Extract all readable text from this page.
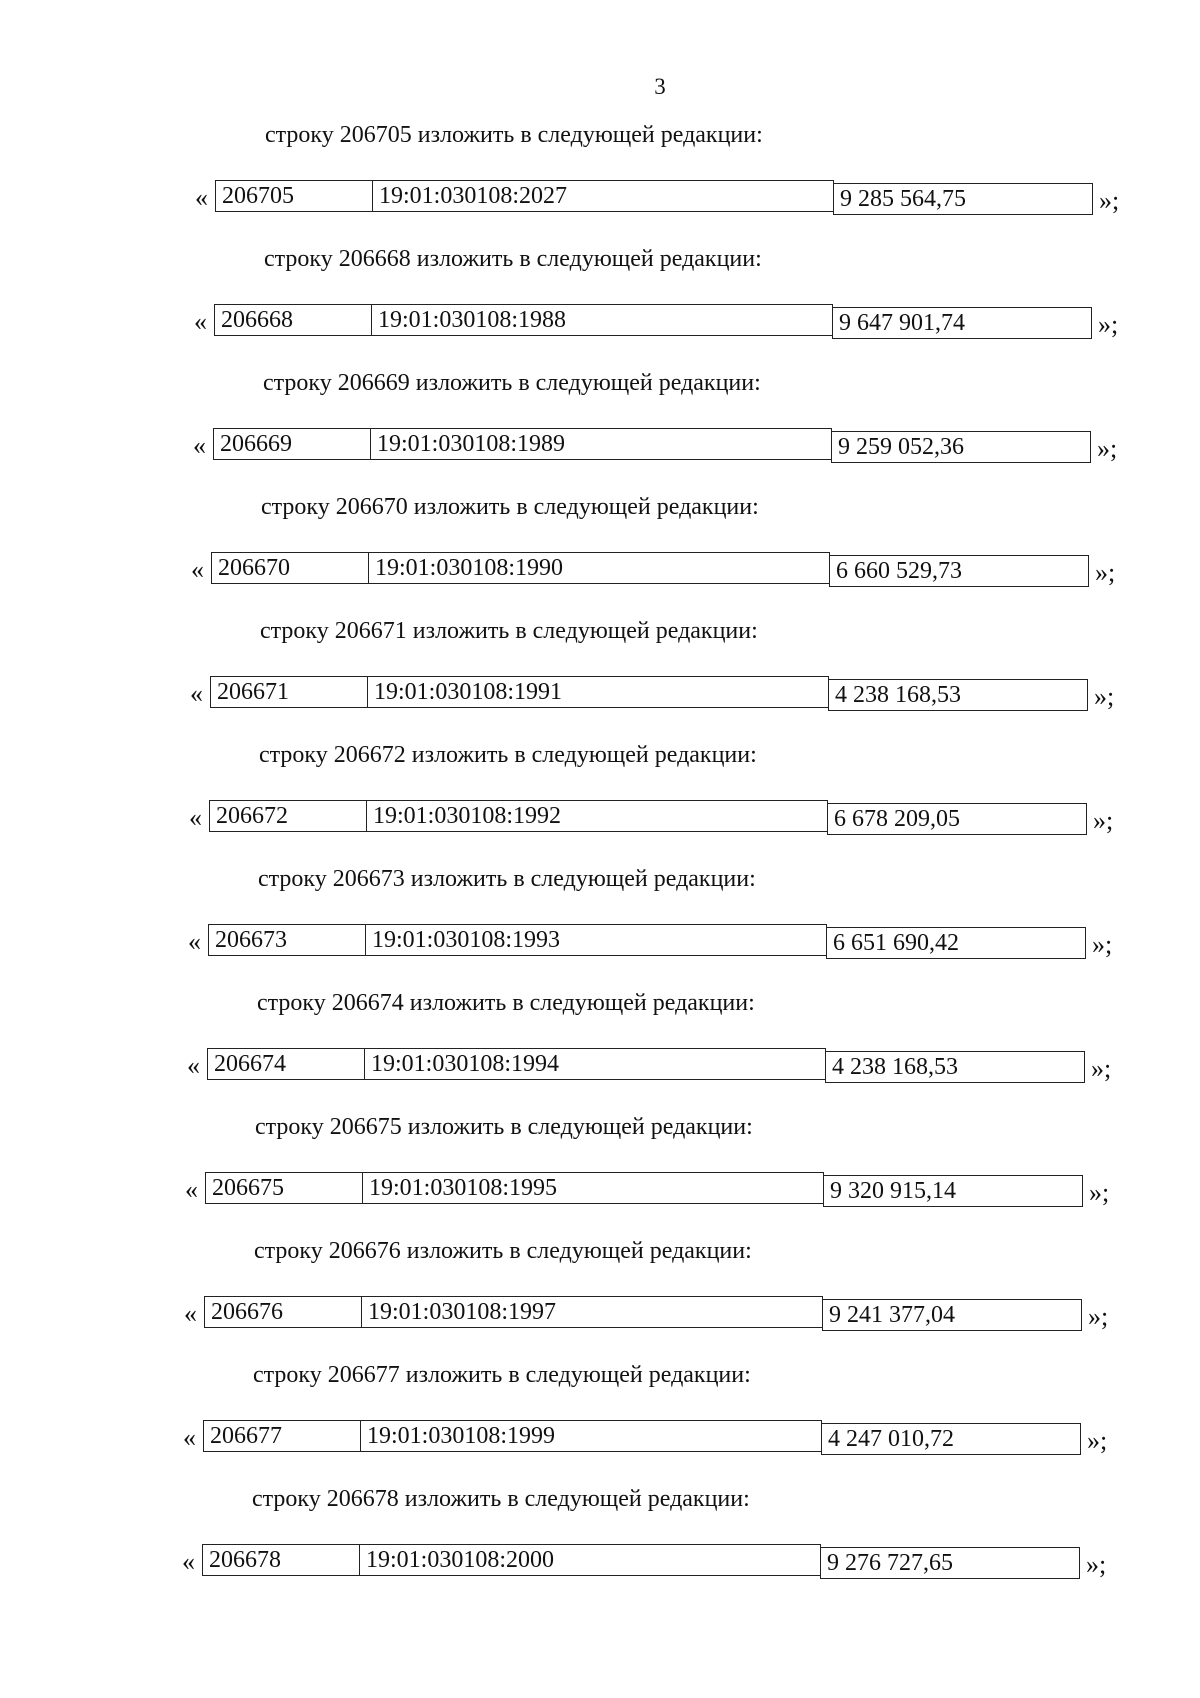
3
строку 206705 изложить в следующей редакции:
« 206705	19:01:030108:2027	9 285 564,75	»;
строку 206668 изложить в следующей редакции:
« 206668	19:01:030108:1988	9 647 901,74	»;
строку 206669 изложить в следующей редакции:
« 206669	19:01:030108:1989	9 259 052,36	»;
строку 206670 изложить в следующей редакции:
« 206670	19:01:030108:1990	6 660 529,73	»;
строку 206671 изложить в следующей редакции:
« 206671	19:01:030108:1991	4 238 168,53	»;
строку 206672 изложить в следующей редакции:
« 206672	19:01:030108:1992	6 678 209,05	»;
строку 206673 изложить в следующей редакции:
« 206673	19:01:030108:1993	6 651 690,42	»;
строку 206674 изложить в следующей редакции:
« 206674	19:01:030108:1994	4 238 168,53	»;
строку 206675 изложить в следующей редакции:
« 206675	19:01:030108:1995	9 320 915,14	»;
строку 206676 изложить в следующей редакции:
« 206676	19:01:030108:1997	9 241 377,04	»;
строку 206677 изложить в следующей редакции:
« 206677	19:01:030108:1999	4 247 010,72	»;
строку 206678 изложить в следующей редакции:
« 206678	19:01:030108:2000	9 276 727,65	»;
